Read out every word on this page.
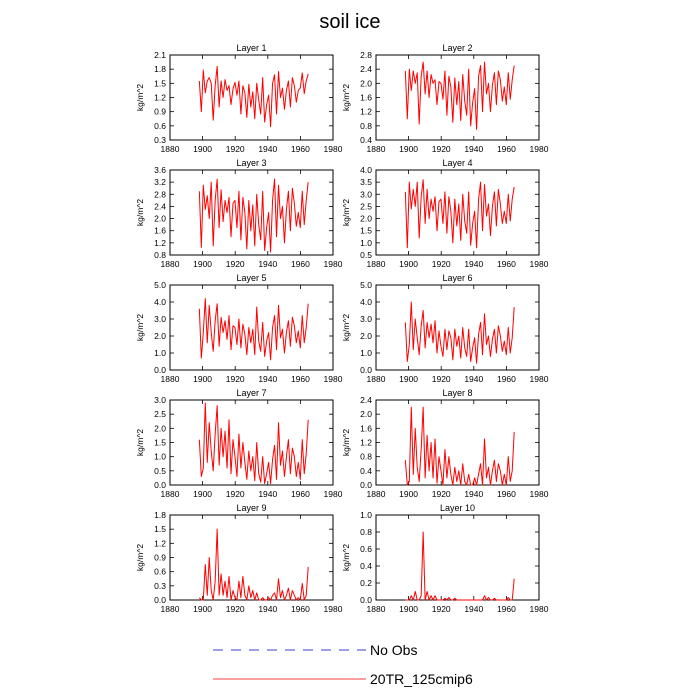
soil ice
Layer 1
1880 1900 1920 1940 1960 1980
0.3
0.6
0.9
1.2
1.5
1.8
2.1
kg/m^2
Layer 2
1880 1900 1920 1940 1960 1980
0.4
0.8
1.2
1.6
2.0
2.4
2.8
kg/m^2
Layer 3
1880 1900 1920 1940 1960 1980
0.8
1.2
1.6
2.0
2.4
2.8
3.2
3.6
kg/m^2
Layer 4
1880 1900 1920 1940 1960 1980
0.5
1.0
1.5
2.0
2.5
3.0
3.5
4.0
kg/m^2
Layer 5
1880 1900 1920 1940 1960 1980
0.0
1.0
2.0
3.0
4.0
5.0
kg/m^2
Layer 6
1880 1900 1920 1940 1960 1980
0.0
1.0
2.0
3.0
4.0
5.0
kg/m^2
Layer 7
1880 1900 1920 1940 1960 1980
0.0
0.5
1.0
1.5
2.0
2.5
3.0
kg/m^2
Layer 8
1880 1900 1920 1940 1960 1980
0.0
0.4
0.8
1.2
1.6
2.0
2.4
kg/m^2
Layer 9
1880 1900 1920 1940 1960 1980
0.0
0.3
0.6
0.9
1.2
1.5
1.8
kg/m^2
Layer 10
1880 1900 1920 1940 1960 1980
0.0
0.2
0.4
0.6
0.8
1.0
kg/m^2
No Obs
20TR_125cmip6
